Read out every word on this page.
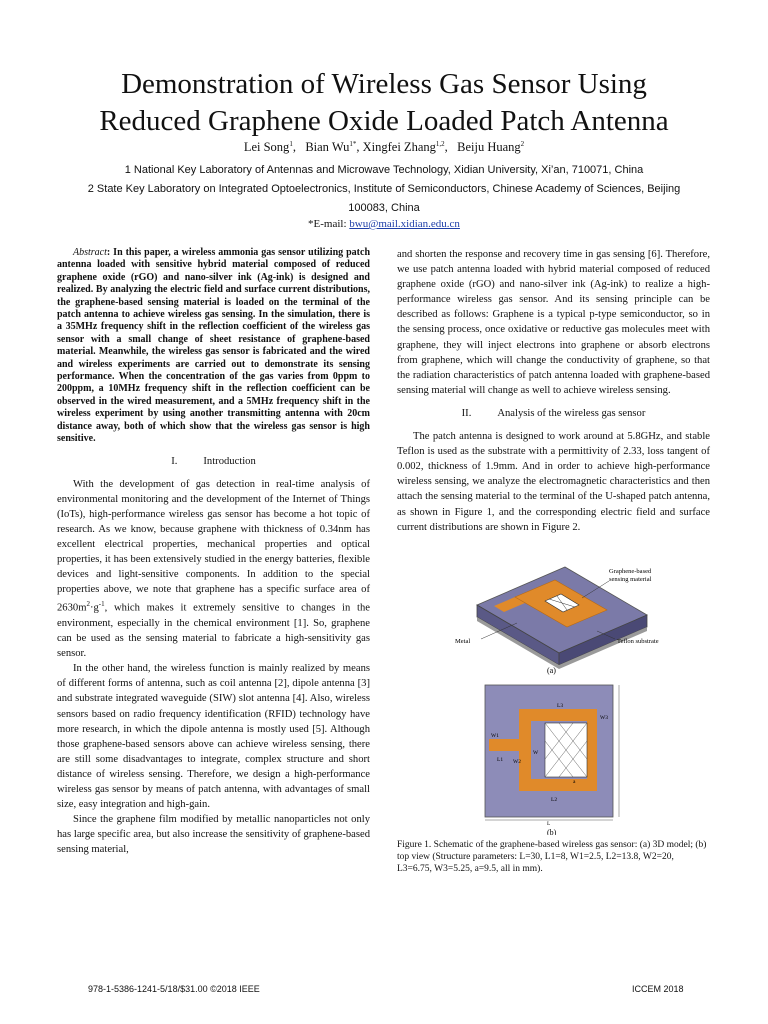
Demonstration of Wireless Gas Sensor Using
Reduced Graphene Oxide Loaded Patch Antenna
Lei Song$^1$,   Bian $Wu^{1*}$, Xingfei Zhang$^{1,2}$,   Beiju Huang$^2$
1 National Key Laboratory of Antennas and Microwave Technology, Xidian University, Xi’an, 710071, China
2 State Key Laboratory on Integrated Optoelectronics, Institute of Semiconductors, Chinese Academy of Sciences, Beijing
100083, China
*E-mail: bwu@mail.xidian.edu.cn

Abstract: In this paper, a wireless ammonia gas sensor utilizing patch antenna loaded with sensitive hybrid material composed of reduced graphene oxide (rGO) and nano-silver ink (Ag-ink) is designed and realized. By analyzing the electric field and surface current distributions, the graphene-based sensing material is loaded on the terminal of the patch antenna to achieve wireless gas sensing. In the simulation, there is a 35MHz frequency shift in the reflection coefficient of the wireless gas sensor with a small change of sheet resistance of graphene-based material. Meanwhile, the wireless gas sensor is fabricated and the wired and wireless experiments are carried out to demonstrate its sensing performance. When the concentration of the gas varies from 0ppm to 200ppm, a 10MHz frequency shift in the reflection coefficient can be observed in the wired measurement, and a 5MHz frequency shift in the wireless experiment by using another transmitting antenna with 20cm distance away, both of which show that the wireless gas sensor is high sensitive.

I. Introduction

With the development of gas detection in real-time analysis of environmental monitoring and the development of the Internet of Things (IoTs), high-performance wireless gas sensor has become a hot topic of research. As we know, because graphene with thickness of 0.34nm has excellent electrical properties, mechanical properties and optical properties, it has been extensively studied in the energy batteries, flexible devices and light-sensitive components. In addition to the special properties above, we note that graphene has a specific surface area of $2630m^2\cdot g^{-1}$, which makes it extremely sensitive to changes in the environment, especially in the chemical environment [1]. So, graphene can be used as the sensing material to fabricate a high-sensitivity gas sensor.

In the other hand, the wireless function is mainly realized by means of different forms of antenna, such as coil antenna [2], dipole antenna [3] and substrate integrated waveguide (SIW) slot antenna [4]. Also, wireless sensors based on radio frequency identification (RFID) technology have more research, in which the dipole antenna is mostly used [5]. Although those graphene-based sensors above can achieve wireless sensing, there are still some disadvantages to integrate, complex structure and short distance of wireless sensing. Therefore, we design a high-performance wireless gas sensor by means of patch antenna, with advantages of small size, easy integration and high-gain.

Since the graphene film modified by metallic nanoparticles not only has large specific area, but also increase the sensitivity of graphene-based sensing material,

and shorten the response and recovery time in gas sensing [6]. Therefore, we use patch antenna loaded with hybrid material composed of reduced graphene oxide (rGO) and nano-silver ink (Ag-ink) to realize a high-performance wireless gas sensor. And its sensing principle can be described as follows: Graphene is a typical p-type semiconductor, so in the sensing process, once oxidative or reductive gas molecules meet with graphene, they will inject electrons into graphene or absorb electrons from graphene, which will change the conductivity of graphene, so that the radiation characteristics of patch antenna loaded with graphene-based sensing material will change as well to achieve wireless sensing.

II. Analysis of the wireless gas sensor

The patch antenna is designed to work around at 5.8GHz, and stable Teflon is used as the substrate with a permittivity of 2.33, loss tangent of 0.002, thickness of 1.9mm. And in order to achieve high-performance wireless sensing, we analyze the electromagnetic characteristics and then attach the sensing material to the terminal of the U-shaped patch antenna, as shown in Figure 1, and the corresponding electric field and surface current distributions are shown in Figure 2.

Graphene-based
sensing material
Teflon substrate
Metal
(a)
L3
W3
W
W1
W2
L1
L2
a
L
(b)
Figure 1. Schematic of the graphene-based wireless gas sensor: (a) 3D model; (b) top view (Structure parameters: L=30, L1=8, W1=2.5, L2=13.8, W2=20, L3=6.75, W3=5.25, a=9.5, all in mm).
978-1-5386-1241-5/18/$31.00 ©2018 IEEE	ICCEM 2018
